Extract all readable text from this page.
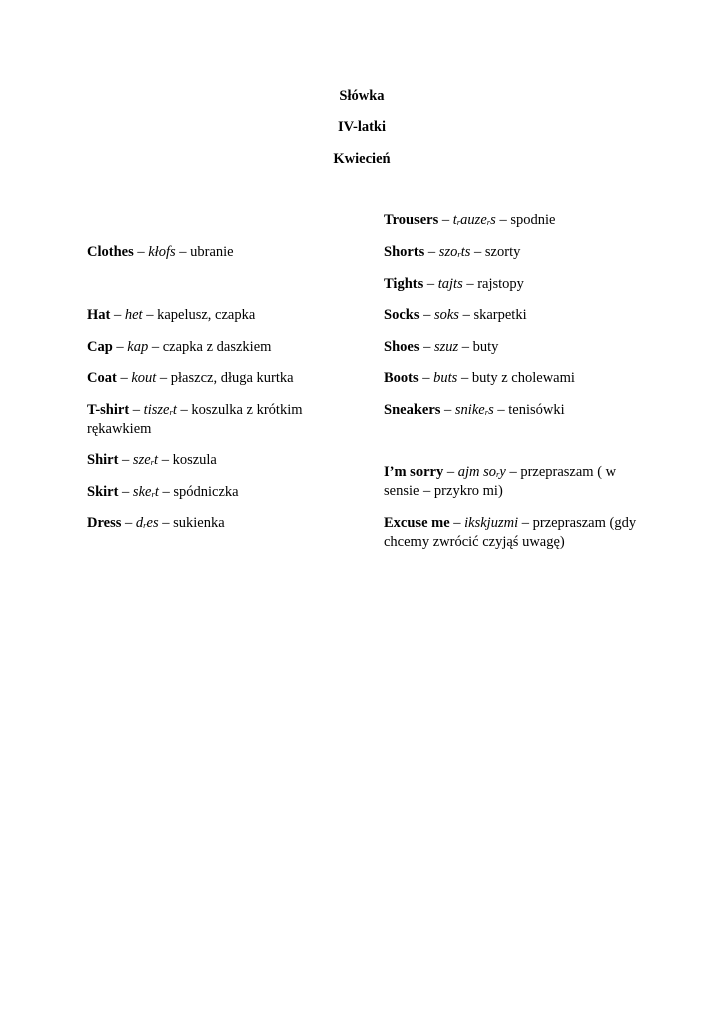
Słówka
IV-latki
Kwiecień
Clothes – kłofs – ubranie
Hat – het – kapelusz, czapka
Cap – kap – czapka z daszkiem
Coat – kout – płaszcz, długa kurtka
T-shirt – tisze$_r$t – koszulka z krótkim rękawkiem
Shirt – sze$_r$t – koszula
Skirt – ske$_r$t – spódniczka
Dress – $d_res$ – sukienka
Trousers – $t_rauze_rs$ – spodnie
Shorts – szo$_r$ts – szorty
Tights – tajts – rajstopy
Socks – soks – skarpetki
Shoes – szuz – buty
Boots – buts – buty z cholewami
Sneakers – snike$_r$s – tenisówki
I’m sorry – ajm $so_ry$ – przepraszam ( w sensie – przykro mi)
Excuse me – ikskjuzmi – przepraszam (gdy chcemy zwrócić czyjąś uwagę)
